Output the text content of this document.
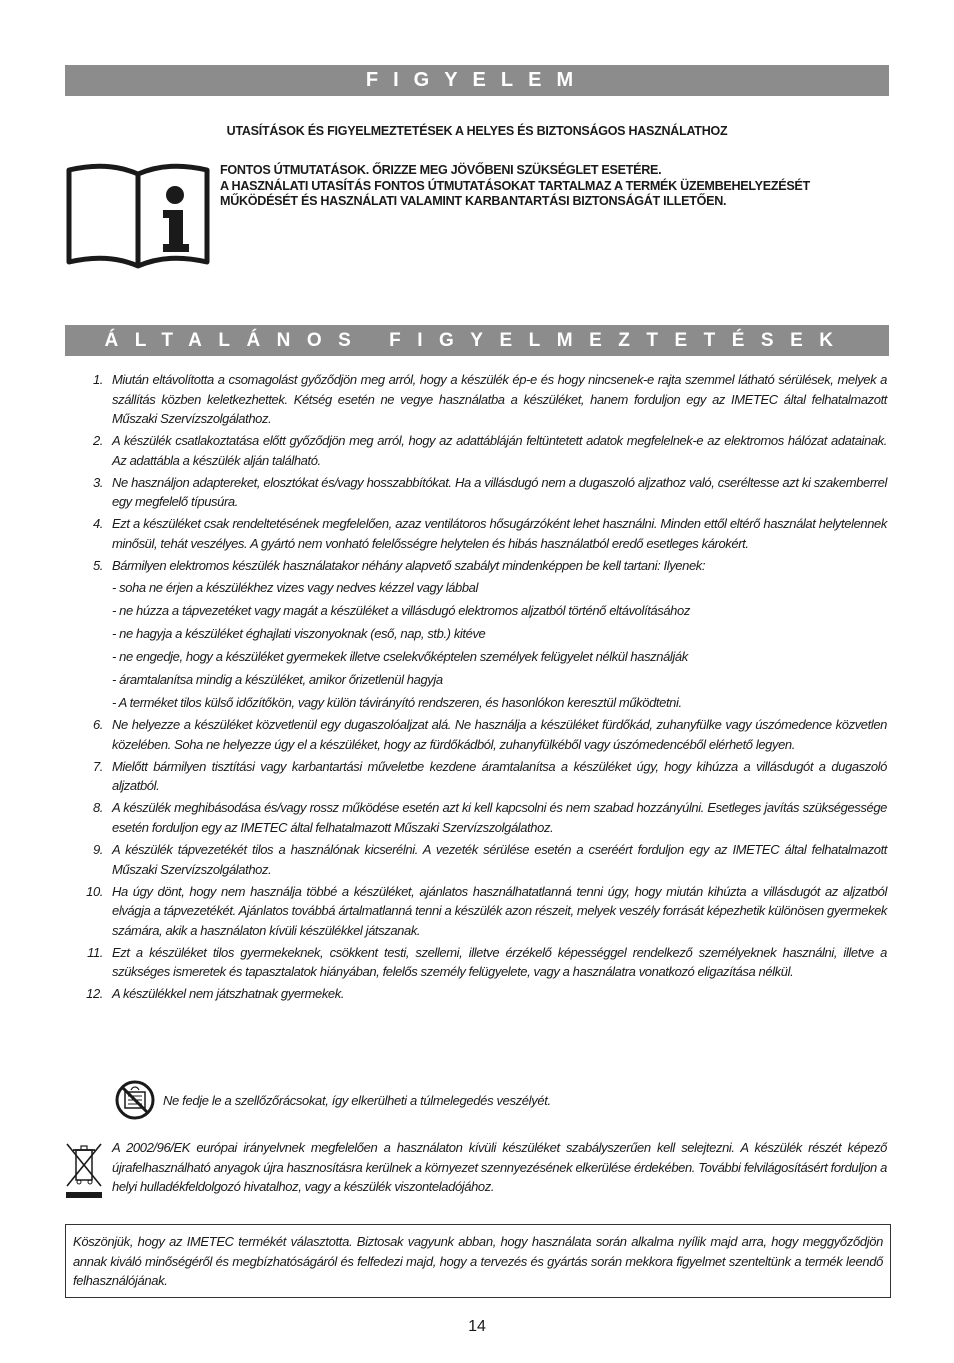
FIGYELEM
UTASÍTÁSOK ÉS FIGYELMEZTETÉSEK A HELYES ÉS BIZTONSÁGOS HASZNÁLATHOZ
FONTOS ÚTMUTATÁSOK. ŐRIZZE MEG JÖVŐBENI SZÜKSÉGLET ESETÉRE.
A HASZNÁLATI UTASÍTÁS FONTOS ÚTMUTATÁSOKAT TARTALMAZ A TERMÉK ÜZEMBEHELYEZÉSÉT MŰKÖDÉSÉT ÉS HASZNÁLATI VALAMINT KARBANTARTÁSI BIZTONSÁGÁT ILLETŐEN.
ÁLTALÁNOS FIGYELMEZTETÉSEK
1. Miután eltávolította a csomagolást győződjön meg arról, hogy a készülék ép-e és hogy nincsenek-e rajta szemmel látható sérülések, melyek a szállítás közben keletkezhettek. Kétség esetén ne vegye használatba a készüléket, hanem forduljon egy az IMETEC által felhatalmazott Műszaki Szervízszolgálathoz.
2. A készülék csatlakoztatása előtt győződjön meg arról, hogy az adattábláján feltüntetett adatok megfelelnek-e az elektromos hálózat adatainak. Az adattábla a készülék alján található.
3. Ne használjon adaptereket, elosztókat és/vagy hosszabbítókat. Ha a villásdugó nem a dugaszoló aljzathoz való, cseréltesse azt ki szakemberrel egy megfelelő típusúra.
4. Ezt a készüléket csak rendeltetésének megfelelően, azaz ventilátoros hősugárzóként lehet használni. Minden ettől eltérő használat helytelennek minősül, tehát veszélyes. A gyártó nem vonható felelősségre helytelen és hibás használatból eredő esetleges károkért.
5. Bármilyen elektromos készülék használatakor néhány alapvető szabályt mindenképpen be kell tartani: Ilyenek:
- soha ne érjen a készülékhez vizes vagy nedves kézzel vagy lábbal
- ne húzza a tápvezetéket vagy magát a készüléket a villásdugó elektromos aljzatból történő eltávolításához
- ne hagyja a készüléket éghajlati viszonyoknak (eső, nap, stb.) kitéve
- ne engedje, hogy a készüléket gyermekek illetve cselekvőképtelen személyek felügyelet nélkül használják
- áramtalanítsa mindig a készüléket, amikor őrizetlenül hagyja
- A terméket tilos külső időzítőkön, vagy külön távirányító rendszeren, és hasonlókon keresztül működtetni.
6. Ne helyezze a készüléket közvetlenül egy dugaszolóaljzat alá. Ne használja a készüléket fürdőkád, zuhanyfülke vagy úszómedence közvetlen közelében. Soha ne helyezze úgy el a készüléket, hogy az fürdőkádból, zuhanyfülkéből vagy úszómedencéből elérhető legyen.
7. Mielőtt bármilyen tisztítási vagy karbantartási műveletbe kezdene áramtalanítsa a készüléket úgy, hogy kihúzza a villásdugót a dugaszoló aljzatból.
8. A készülék meghibásodása és/vagy rossz működése esetén azt ki kell kapcsolni és nem szabad hozzányúlni. Esetleges javítás szükségessége esetén forduljon egy az IMETEC által felhatalmazott Műszaki Szervízszolgálathoz.
9. A készülék tápvezetékét tilos a használónak kicserélni. A vezeték sérülése esetén a cseréért forduljon egy az IMETEC által felhatalmazott Műszaki Szervízszolgálathoz.
10. Ha úgy dönt, hogy nem használja többé a készüléket, ajánlatos használhatatlanná tenni úgy, hogy miután kihúzta a villásdugót az aljzatból elvágja a tápvezetékét. Ajánlatos továbbá ártalmatlanná tenni a készülék azon részeit, melyek veszély forrását képezhetik különösen gyermekek számára, akik a használaton kívüli készülékkel játszanak.
11. Ezt a készüléket tilos gyermekeknek, csökkent testi, szellemi, illetve érzékelő képességgel rendelkező személyeknek használni, illetve a szükséges ismeretek és tapasztalatok hiányában, felelős személy felügyelete, vagy a használatra vonatkozó eligazítása nélkül.
12. A készülékkel nem játszhatnak gyermekek.
Ne fedje le a szellőzőrácsokat, így elkerülheti a túlmelegedés veszélyét.
A 2002/96/EK európai irányelvnek megfelelően a használaton kívüli készüléket szabályszerűen kell selejtezni. A készülék részét képező újrafelhasználható anyagok újra hasznosításra kerülnek a környezet szennyezésének elkerülése érdekében. További felvilágosításért forduljon a helyi hulladékfeldolgozó hivatalhoz, vagy a készülék viszonteladójához.
Köszönjük, hogy az IMETEC termékét választotta. Biztosak vagyunk abban, hogy használata során alkalma nyílik majd arra, hogy meggyőződjön annak kiváló minőségéről és megbízhatóságáról és felfedezi majd, hogy a tervezés és gyártás során mekkora figyelmet szenteltünk a termék leendő felhasználójának.
14
